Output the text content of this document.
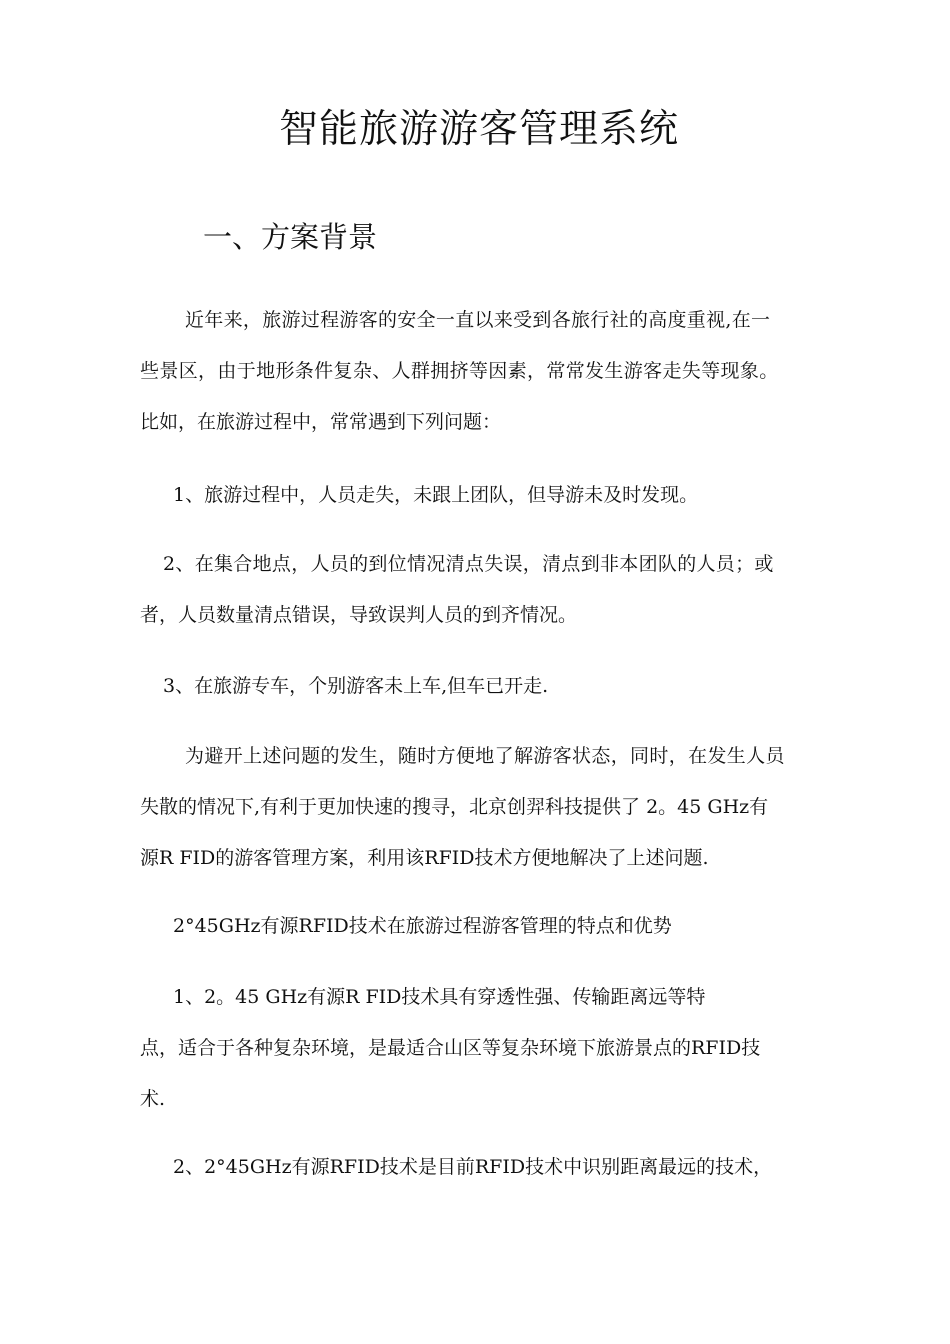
智能旅游游客管理系统
一、方案背景

近年来，旅游过程游客的安全一直以来受到各旅行社的高度重视,在一

些景区，由于地形条件复杂、人群拥挤等因素，常常发生游客走失等现象。

比如，在旅游过程中，常常遇到下列问题：

1、旅游过程中，人员走失，未跟上团队，但导游未及时发现。

2、在集合地点，人员的到位情况清点失误，清点到非本团队的人员；或

者，人员数量清点错误，导致误判人员的到齐情况。

3、在旅游专车，个别游客未上车,但车已开走.

为避开上述问题的发生，随时方便地了解游客状态，同时，在发生人员

失散的情况下,有利于更加快速的搜寻，北京创羿科技提供了 2。45 GHz有

源R FID的游客管理方案，利用该RFID技术方便地解决了上述问题.

2°45GHz有源RFID技术在旅游过程游客管理的特点和优势

1、2。45 GHz有源R FID技术具有穿透性强、传输距离远等特

点，适合于各种复杂环境，是最适合山区等复杂环境下旅游景点的RFID技

术.

2、2°45GHz有源RFID技术是目前RFID技术中识别距离最远的技术，
